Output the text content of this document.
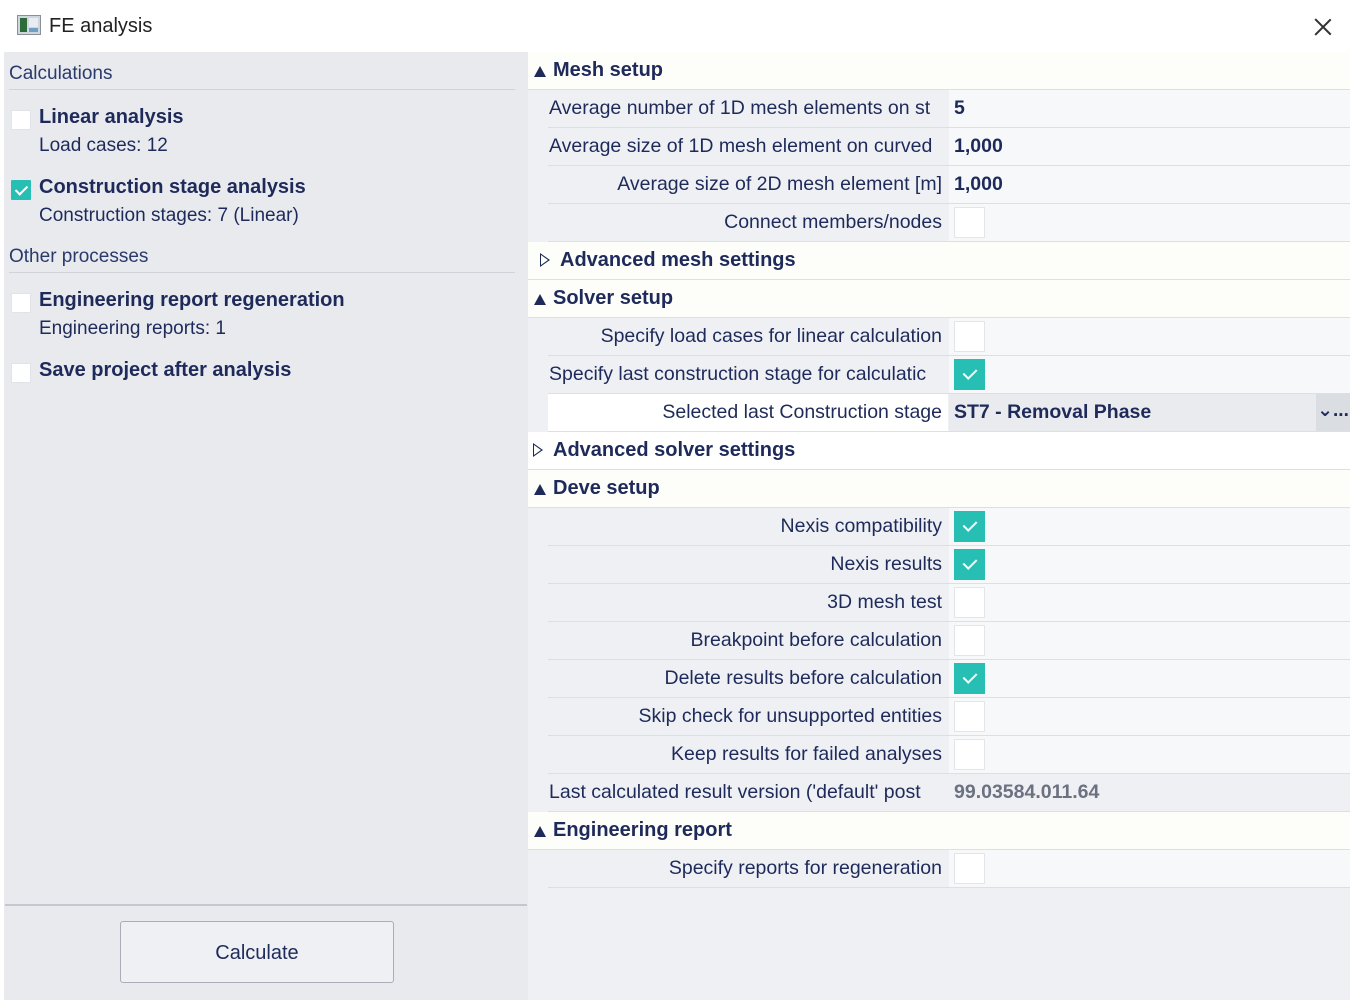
FE analysis
Calculations
Linear analysis
Load cases: 12
Construction stage analysis
Construction stages: 7 (Linear)
Other processes
Engineering report regeneration
Engineering reports: 1
Save project after analysis
Calculate
Mesh setup
Average number of 1D mesh elements on st	5
Average size of 1D mesh element on curved	1,000
Average size of 2D mesh element [m] 1,000
Connect members/nodes
Advanced mesh settings
Solver setup
Specify load cases for linear calculation
Specify last construction stage for calculatic
Selected last Construction stage ST7 - Removal Phase	⌄...
Advanced solver settings
Deve setup
Nexis compatibility
Nexis results
3D mesh test
Breakpoint before calculation
Delete results before calculation
Skip check for unsupported entities
Keep results for failed analyses
Last calculated result version ('default' post	99.03584.011.64
Engineering report
Specify reports for regeneration
